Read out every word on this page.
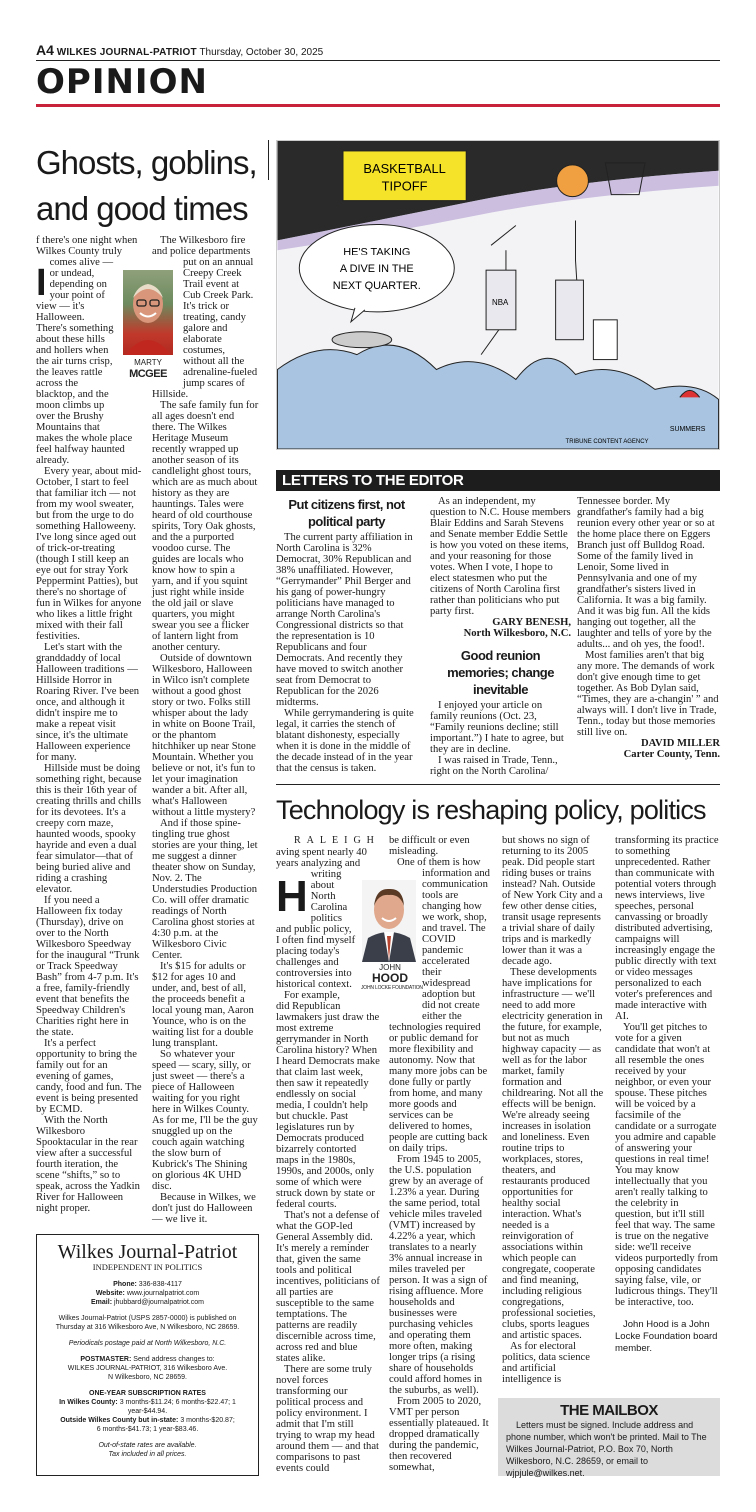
A4 WILKES JOURNAL-PATRIOT Thursday, October 30, 2025
OPINION
Ghosts, goblins,
and good times
MARTY
MCGEE

I
f there's one night when Wilkes County truly comes alive — or undead, depending on your point of view — it's Halloween. There's something about these hills and hollers when the air turns crisp, the leaves rattle across the blacktop, and the moon climbs up over the Brushy Mountains that makes the whole place feel halfway haunted already.

Every year, about mid-October, I start to feel that familiar itch — not from my wool sweater, but from the urge to do something Halloweeny. I've long since aged out of trick-or-treating (though I still keep an eye out for stray York Peppermint Patties), but there's no shortage of fun in Wilkes for anyone who likes a little fright mixed with their fall festivities.

Let's start with the granddaddy of local Halloween traditions — Hillside Horror in Roaring River. I've been once, and although it didn't inspire me to make a repeat visit since, it's the ultimate Halloween experience for many.

Hillside must be doing something right, because this is their 16th year of creating thrills and chills for its devotees. It's a creepy corn maze, haunted woods, spooky hayride and even a dual fear simulator—that of being buried alive and riding a crashing elevator.

If you need a Halloween fix today (Thursday), drive on over to the North Wilkesboro Speedway for the inaugural “Trunk or Track Speedway Bash” from 4-7 p.m. It's a free, family-friendly event that benefits the Speedway Children's Charities right here in the state.

It's a perfect opportunity to bring the family out for an evening of games, candy, food and fun. The event is being presented by ECMD.

With the North Wilkesboro Spooktacular in the rear view after a successful fourth iteration, the scene “shifts,” so to speak, across the Yadkin River for Halloween night proper.

The Wilkesboro fire and police departments put on an annual Creepy Creek Trail event at Cub Creek Park. It's trick or treating, candy galore and elaborate costumes, without all the adrenaline-fueled jump scares of Hillside.

The safe family fun for all ages doesn't end there. The Wilkes Heritage Museum recently wrapped up another season of its candlelight ghost tours, which are as much about history as they are hauntings. Tales were heard of old courthouse spirits, Tory Oak ghosts, and the a purported voodoo curse. The guides are locals who know how to spin a yarn, and if you squint just right while inside the old jail or slave quarters, you might swear you see a flicker of lantern light from another century.

Outside of downtown Wilkesboro, Halloween in Wilco isn't complete without a good ghost story or two. Folks still whisper about the lady in white on Boone Trail, or the phantom hitchhiker up near Stone Mountain. Whether you believe or not, it's fun to let your imagination wander a bit. After all, what's Halloween without a little mystery?

And if those spine-tingling true ghost stories are your thing, let me suggest a dinner theater show on Sunday, Nov. 2. The Understudies Production Co. will offer dramatic readings of North Carolina ghost stories at 4:30 p.m. at the Wilkesboro Civic Center.

It's $15 for adults or $12 for ages 10 and under, and, best of all, the proceeds benefit a local young man, Aaron Younce, who is on the waiting list for a double lung transplant.

So whatever your speed — scary, silly, or just sweet — there's a piece of Halloween waiting for you right here in Wilkes County. As for me, I'll be the guy snuggled up on the couch again watching the slow burn of Kubrick's The Shining on glorious 4K UHD disc.

Because in Wilkes, we don't just do Halloween — we live it.

Wilkes Journal-Patriot
INDEPENDENT IN POLITICS
Phone: 336-838-4117
Website: www.journalpatriot.com
Email: jhubbard@journalpatriot.com
Wilkes Journal-Patriot (USPS 2857-0000) is published on
Thursday at 316 Wilkesboro Ave, N Wilkesboro, NC 28659.
Periodicals postage paid at North Wilkesboro, N.C.
POSTMASTER: Send address changes to:
WILKES JOURNAL-PATRIOT, 316 Wilkesboro Ave.
N Wilkesboro, NC 28659.
ONE-YEAR SUBSCRIPTION RATES
In Wilkes County: 3 months-$11.24; 6 months-$22.47; 1 year-$44.94.
Outside Wilkes County but in-state: 3 months-$20.87;
6 months-$41.73; 1 year-$83.46.
Out-of-state rates are available.
Tax included in all prices.
BASKETBALL
TIPOFF
HE'S TAKING
A DIVE IN THE
NEXT QUARTER.
NBA
TRIBUNE CONTENT AGENCY
SUMMERS
LETTERS TO THE EDITOR
Put citizens first, not political party

The current party affiliation in North Carolina is 32% Democrat, 30% Republican and 38% unaffiliated. However, “Gerrymander” Phil Berger and his gang of power-hungry politicians have managed to arrange North Carolina's Congressional districts so that the representation is 10 Republicans and four Democrats. And recently they have moved to switch another seat from Democrat to Republican for the 2026 midterms.

While gerrymandering is quite legal, it carries the stench of blatant dishonesty, especially when it is done in the middle of the decade instead of in the year that the census is taken.

As an independent, my question to N.C. House members Blair Eddins and Sarah Stevens and Senate member Eddie Settle is how you voted on these items, and your reasoning for those votes. When I vote, I hope to elect statesmen who put the citizens of North Carolina first rather than politicians who put party first.

GARY BENESH,
North Wilkesboro, N.C.
Good reunion memories; change inevitable

I enjoyed your article on family reunions (Oct. 23, “Family reunions decline; still important.”) I hate to agree, but they are in decline.

I was raised in Trade, Tenn., right on the North Carolina/

Tennessee border. My grandfather's family had a big reunion every other year or so at the home place there on Eggers Branch just off Bulldog Road. Some of the family lived in Lenoir, Some lived in Pennsylvania and one of my grandfather's sisters lived in California. It was a big family. And it was big fun. All the kids hanging out together, all the laughter and tells of yore by the adults... and oh yes, the food!.

Most families aren't that big any more. The demands of work don't give enough time to get together. As Bob Dylan said, “Times, they are a-changin' ” and always will. I don't live in Trade, Tenn., today but those memories still live on.

DAVID MILLER
Carter County, Tenn.
Technology is reshaping policy, politics
JOHN
HOOD
JOHN LOCKE FOUNDATION
RALEIGH

H
aving spent nearly 40 years analyzing and writing about North Carolina politics and public policy, I often find myself placing today's challenges and controversies into historical context.

For example, did Republican lawmakers just draw the most extreme gerrymander in North Carolina history? When I heard Democrats make that claim last week, then saw it repeatedly endlessly on social media, I couldn't help but chuckle. Past legislatures run by Democrats produced bizarrely contorted maps in the 1980s, 1990s, and 2000s, only some of which were struck down by state or federal courts.

That's not a defense of what the GOP-led General Assembly did. It's merely a reminder that, given the same tools and political incentives, politicians of all parties are susceptible to the same temptations. The patterns are readily discernible across time, across red and blue states alike.

There are some truly novel forces transforming our political process and policy environment. I admit that I'm still trying to wrap my head around them — and that comparisons to past events could

be difficult or even misleading.

One of them is how information and communication tools are changing how we work, shop, and travel. The COVID pandemic accelerated their widespread adoption but did not create either the technologies required or public demand for more flexibility and autonomy. Now that many more jobs can be done fully or partly from home, and many more goods and services can be delivered to homes, people are cutting back on daily trips.

From 1945 to 2005, the U.S. population grew by an average of 1.23% a year. During the same period, total vehicle miles traveled (VMT) increased by 4.22% a year, which translates to a nearly 3% annual increase in miles traveled per person. It was a sign of rising affluence. More households and businesses were purchasing vehicles and operating them more often, making longer trips (a rising share of households could afford homes in the suburbs, as well).

From 2005 to 2020, VMT per person essentially plateaued. It dropped dramatically during the pandemic, then recovered somewhat,

but shows no sign of returning to its 2005 peak. Did people start riding buses or trains instead? Nah. Outside of New York City and a few other dense cities, transit usage represents a trivial share of daily trips and is markedly lower than it was a decade ago.

These developments have implications for infrastructure — we'll need to add more electricity generation in the future, for example, but not as much highway capacity — as well as for the labor market, family formation and childrearing. Not all the effects will be benign. We're already seeing increases in isolation and loneliness. Even routine trips to workplaces, stores, theaters, and restaurants produced opportunities for healthy social interaction. What's needed is a reinvigoration of associations within which people can congregate, cooperate and find meaning, including religious congregations, professional societies, clubs, sports leagues and artistic spaces.

As for electoral politics, data science and artificial intelligence is

transforming its practice to something unprecedented. Rather than communicate with potential voters through news interviews, live speeches, personal canvassing or broadly distributed advertising, campaigns will increasingly engage the public directly with text or video messages personalized to each voter's preferences and made interactive with AI.

You'll get pitches to vote for a given candidate that won't at all resemble the ones received by your neighbor, or even your spouse. These pitches will be voiced by a facsimile of the candidate or a surrogate you admire and capable of answering your questions in real time! You may know intellectually that you aren't really talking to the celebrity in question, but it'll still feel that way. The same is true on the negative side: we'll receive videos purportedly from opposing candidates saying false, vile, or ludicrous things. They'll be interactive, too.

John Hood is a John Locke Foundation board member.

THE MAILBOX

Letters must be signed. Include address and phone number, which won't be printed. Mail to The Wilkes Journal-Patriot, P.O. Box 70, North Wilkesboro, N.C. 28659, or email to wjpjule@wilkes.net.
